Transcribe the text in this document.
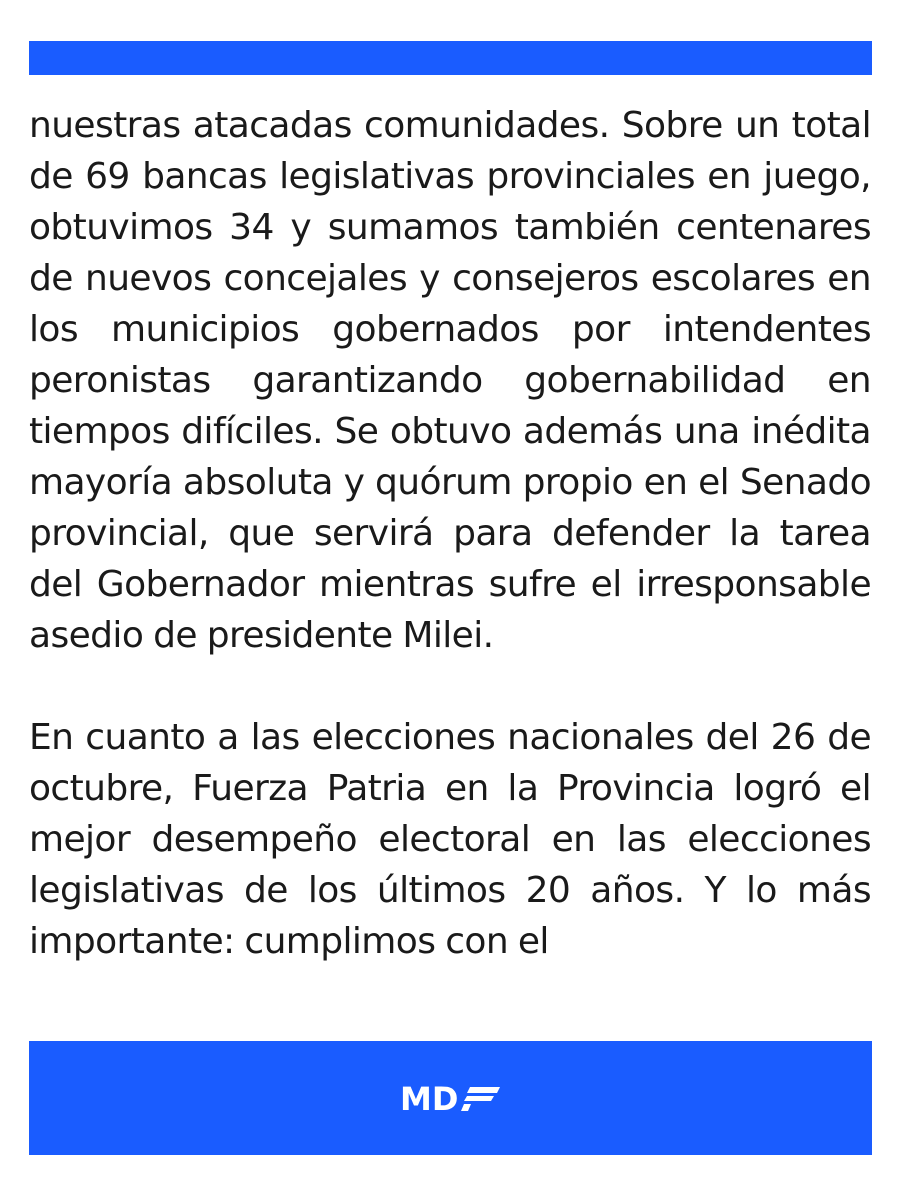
nuestras atacadas comunidades. Sobre un total de 69 bancas legislativas provinciales en juego, obtuvimos 34 y sumamos también centenares de nuevos concejales y consejeros escolares en los municipios gobernados por intendentes peronistas garantizando gobernabilidad en tiempos difíciles. Se obtuvo además una inédita mayoría absoluta y quórum propio en el Senado provincial, que servirá para defender la tarea del Gobernador mientras sufre el irresponsable asedio de presidente Milei.

En cuanto a las elecciones nacionales del 26 de octubre, Fuerza Patria en la Provincia logró el mejor desempeño electoral en las elecciones legislativas de los últimos 20 años. Y lo más importante: cumplimos con el

MD
